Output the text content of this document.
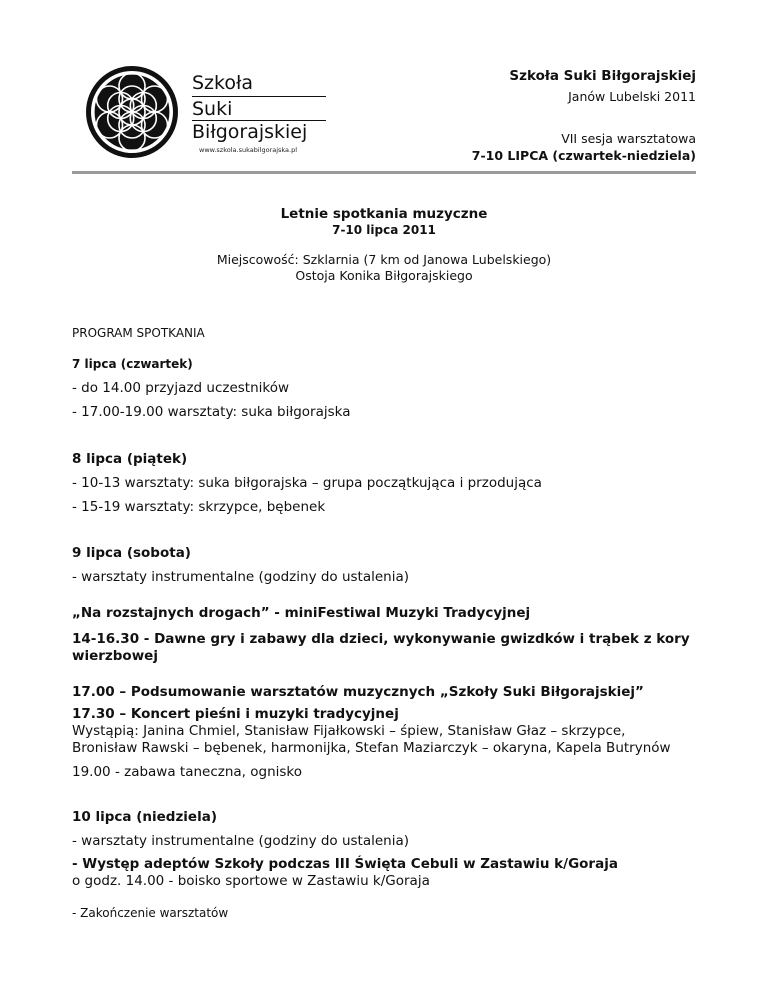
Szkoła
Suki
Biłgorajskiej
www.szkola.sukabilgorajska.pl
Szkoła Suki Biłgorajskiej
Janów Lubelski 2011
VII sesja warsztatowa
7-10 LIPCA (czwartek-niedziela)
Letnie spotkania muzyczne
7-10 lipca 2011
Miejscowość: Szklarnia (7 km od Janowa Lubelskiego)
Ostoja Konika Biłgorajskiego
PROGRAM SPOTKANIA
7 lipca (czwartek)
- do 14.00 przyjazd uczestników
- 17.00-19.00 warsztaty: suka biłgorajska
8 lipca (piątek)
- 10-13 warsztaty: suka biłgorajska – grupa początkująca i przodująca
- 15-19 warsztaty: skrzypce, bębenek
9 lipca (sobota)
- warsztaty instrumentalne (godziny do ustalenia)
„Na rozstajnych drogach” - miniFestiwal Muzyki Tradycyjnej
14-16.30 - Dawne gry i zabawy dla dzieci, wykonywanie gwizdków i trąbek z kory
wierzbowej
17.00 – Podsumowanie warsztatów muzycznych „Szkoły Suki Biłgorajskiej”
17.30 – Koncert pieśni i muzyki tradycyjnej
Wystąpią: Janina Chmiel, Stanisław Fijałkowski – śpiew, Stanisław Głaz – skrzypce,
Bronisław Rawski – bębenek, harmonijka, Stefan Maziarczyk – okaryna, Kapela Butrynów
19.00 - zabawa taneczna, ognisko
10 lipca (niedziela)
- warsztaty instrumentalne (godziny do ustalenia)
- Występ adeptów Szkoły podczas III Święta Cebuli w Zastawiu k/Goraja
o godz. 14.00 - boisko sportowe w Zastawiu k/Goraja
- Zakończenie warsztatów
